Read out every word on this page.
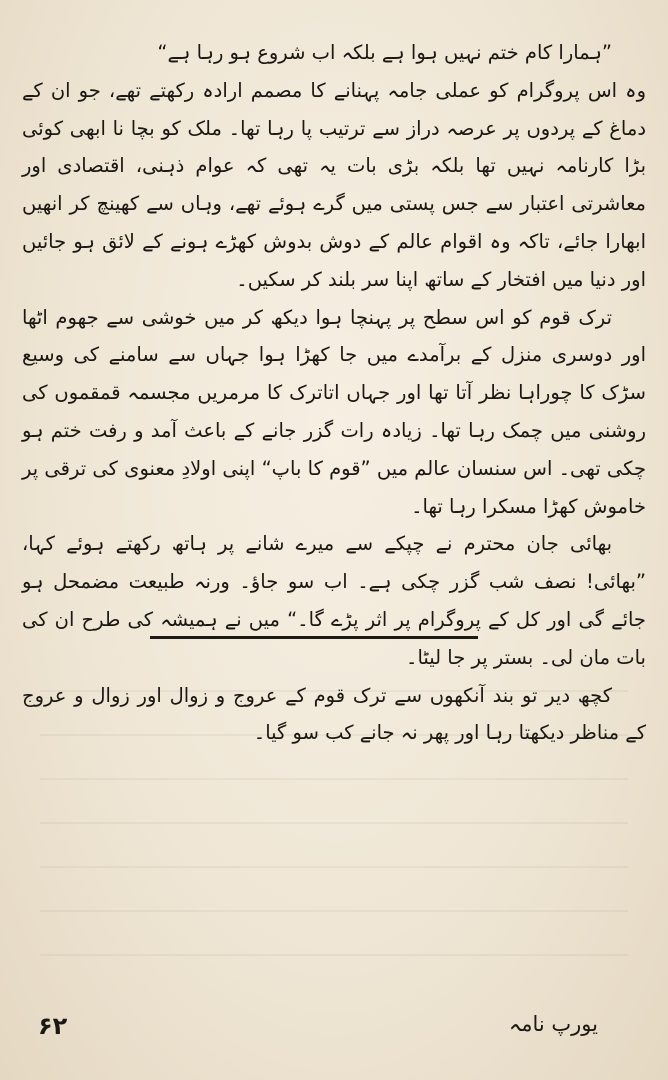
”ہمارا کام ختم نہیں ہوا ہے بلکہ اب شروع ہو رہا ہے“

وہ اس پروگرام کو عملی جامہ پہنانے کا مصمم ارادہ رکھتے تھے، جو ان کے دماغ کے پردوں پر عرصہ دراز سے ترتیب پا رہا تھا۔ ملک کو بچا نا ابھی کوئی بڑا کارنامہ نہیں تھا بلکہ بڑی بات یہ تھی کہ عوام ذہنی، اقتصادی اور معاشرتی اعتبار سے جس پستی میں گرے ہوئے تھے، وہاں سے کھینچ کر انھیں ابھارا جائے، تاکہ وہ اقوام عالم کے دوش بدوش کھڑے ہونے کے لائق ہو جائیں اور دنیا میں افتخار کے ساتھ اپنا سر بلند کر سکیں۔

ترک قوم کو اس سطح پر پہنچا ہوا دیکھ کر میں خوشی سے جھوم اٹھا اور دوسری منزل کے برآمدے میں جا کھڑا ہوا جہاں سے سامنے کی وسیع سڑک کا چوراہا نظر آتا تھا اور جہاں اتاترک کا مرمریں مجسمہ قمقموں کی روشنی میں چمک رہا تھا۔ زیادہ رات گزر جانے کے باعث آمد و رفت ختم ہو چکی تھی۔ اس سنسان عالم میں ”قوم کا باپ“ اپنی اولادِ معنوی کی ترقی پر خاموش کھڑا مسکرا رہا تھا۔

بھائی جان محترم نے چپکے سے میرے شانے پر ہاتھ رکھتے ہوئے کہا، ”بھائی! نصف شب گزر چکی ہے۔ اب سو جاؤ۔ ورنہ طبیعت مضمحل ہو جائے گی اور کل کے پروگرام پر اثر پڑے گا۔“ میں نے ہمیشہ کی طرح ان کی بات مان لی۔ بستر پر جا لیٹا۔

کچھ دیر تو بند آنکھوں سے ترک قوم کے عروج و زوال اور زوال و عروج کے مناظر دیکھتا رہا اور پھر نہ جانے کب سو گیا۔

۶۲	یورپ نامہ
